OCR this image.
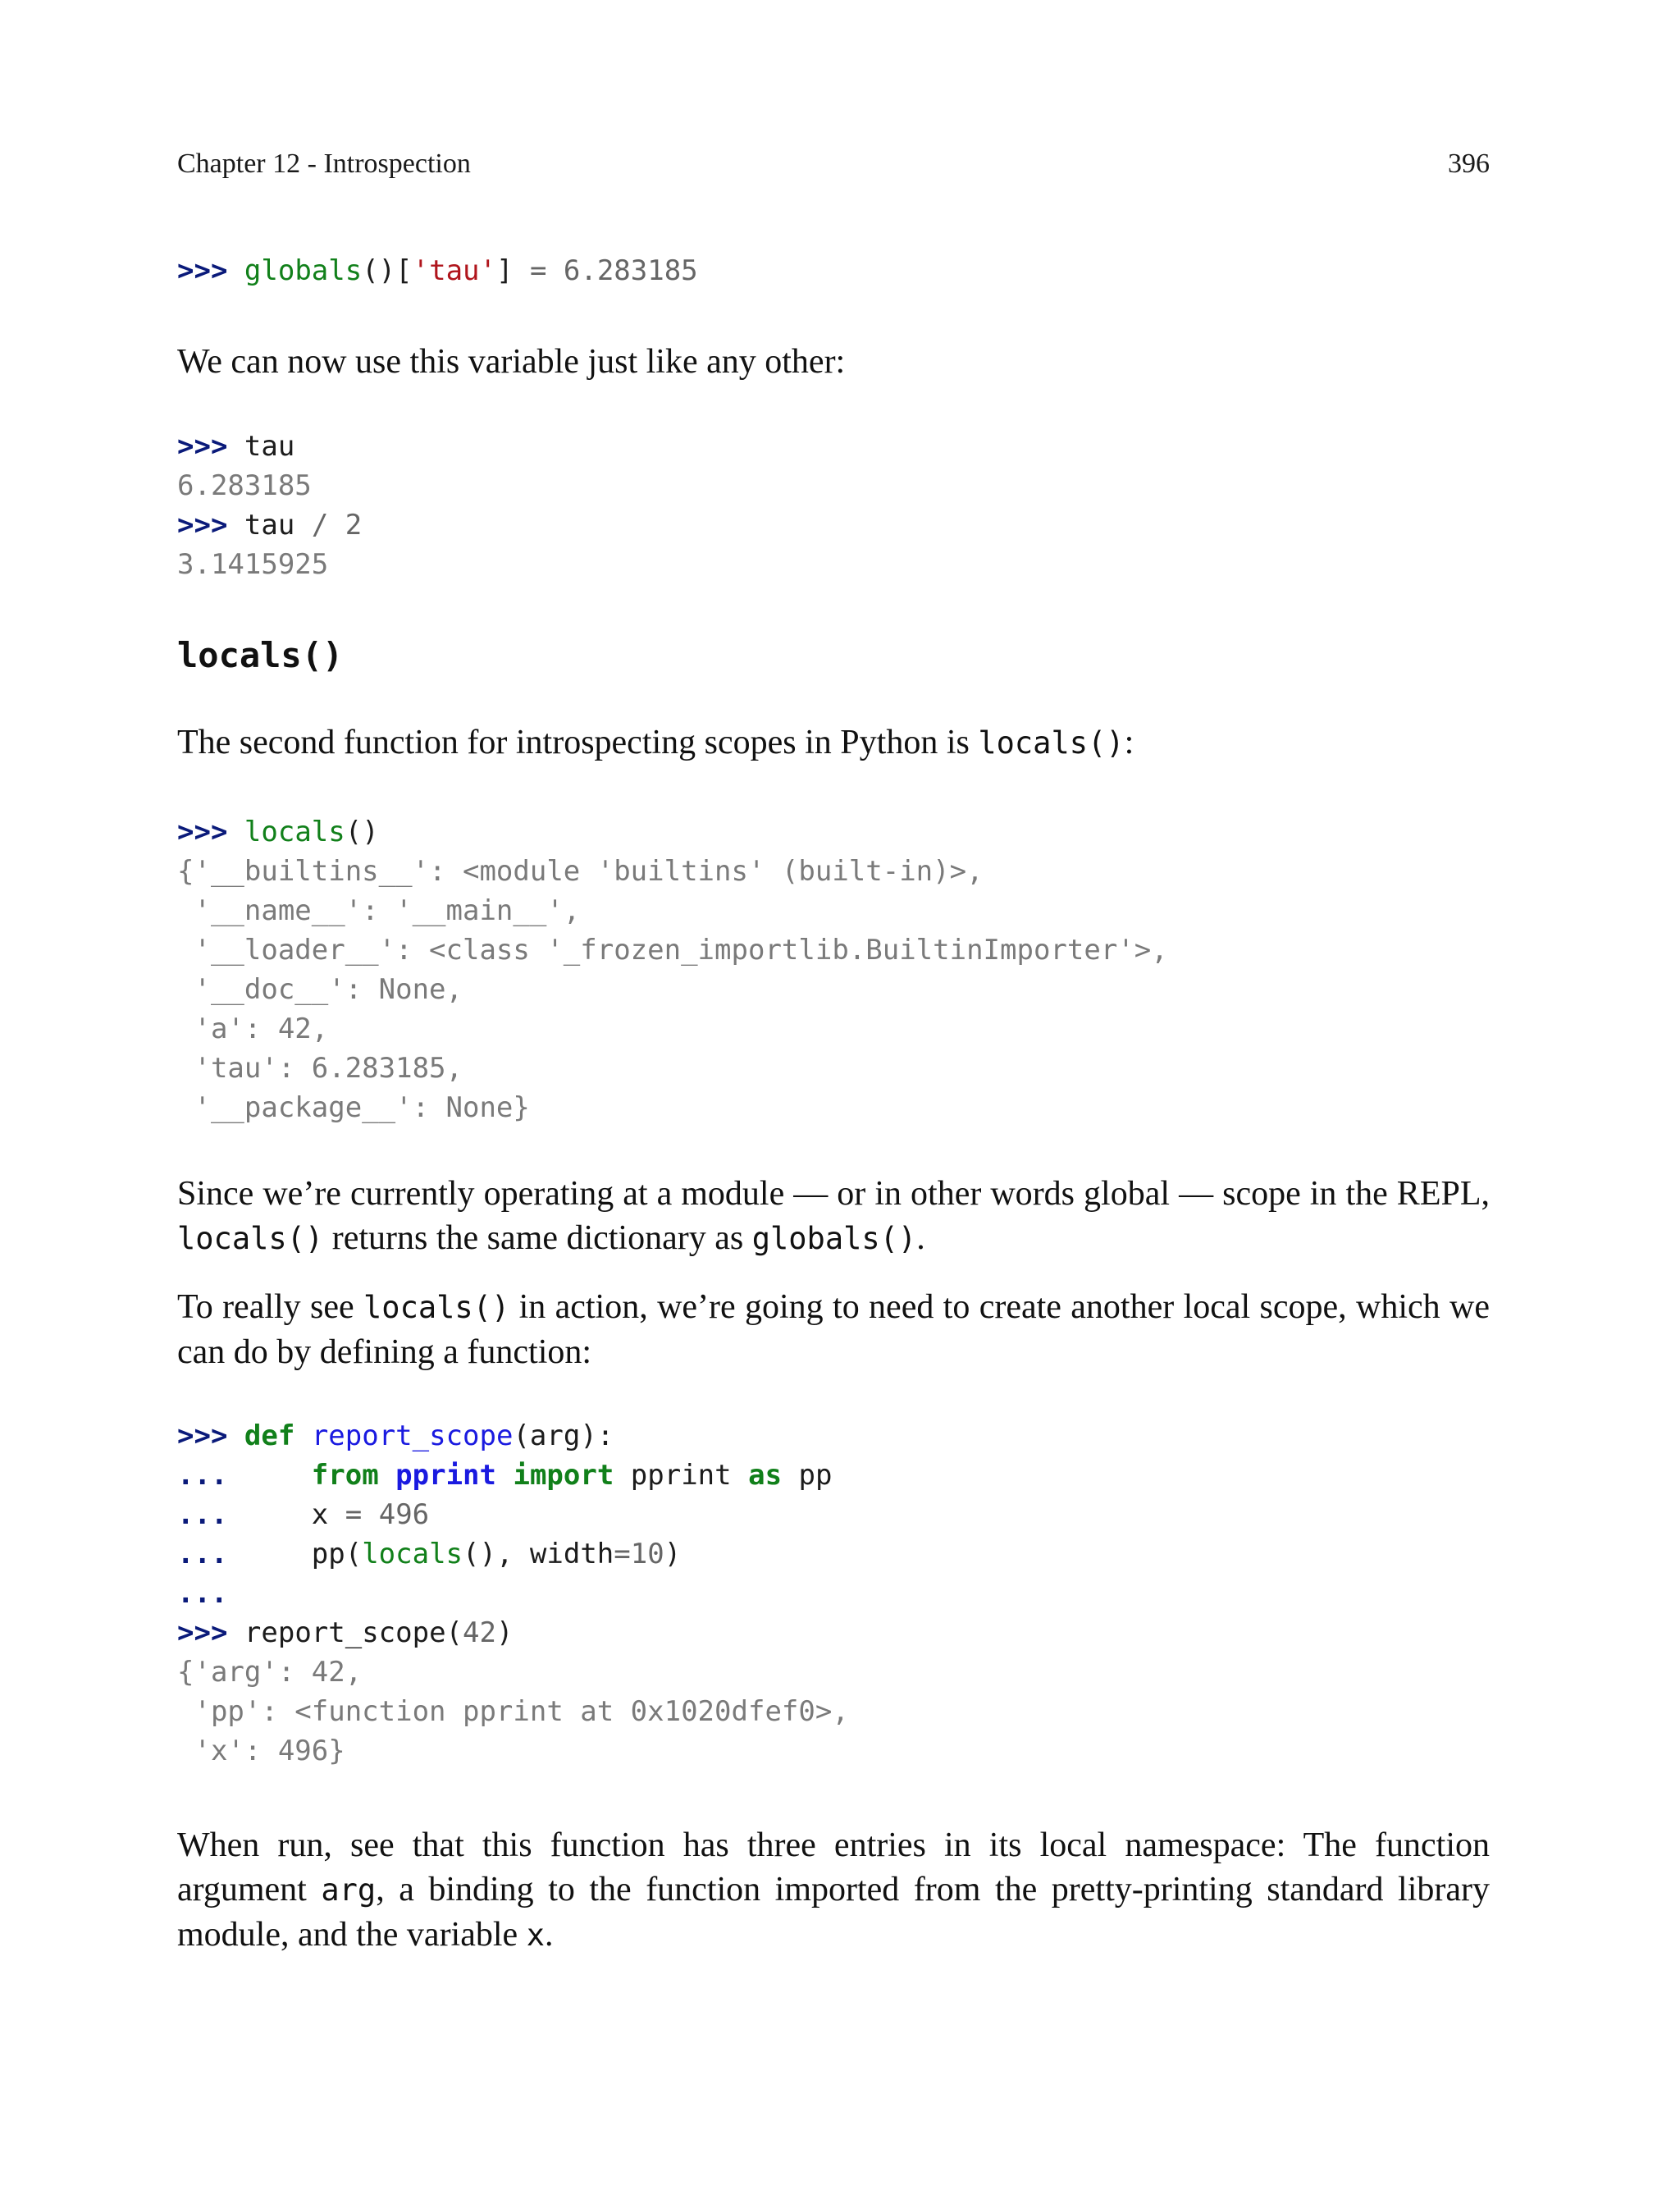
Chapter 12 - Introspection	396
>>> globals()['tau'] = 6.283185

We can now use this variable just like any other:

>>> tau
6.283185
>>> tau / 2
3.1415925
locals()

The second function for introspecting scopes in Python is locals():

>>> locals()
{'__builtins__': <module 'builtins' (built-in)>,
'__name__': '__main__',
'__loader__': <class '_frozen_importlib.BuiltinImporter'>,
'__doc__': None,
'a': 42,
'tau': 6.283185,
'__package__': None}

Since we’re currently operating at a module — or in other words global — scope in the REPL, locals() returns the same dictionary as globals().

To really see locals() in action, we’re going to need to create another local scope, which we can do by defining a function:

>>> def report_scope(arg):
...	from pprint import pprint as pp
...	x = 496
...	pp(locals(), width=10)
...
>>> report_scope(42)
{'arg': 42,
'pp': <function pprint at 0x1020dfef0>,
'x': 496}

When run, see that this function has three entries in its local namespace: The function argument arg, a binding to the function imported from the pretty-printing standard library module, and the variable x.
